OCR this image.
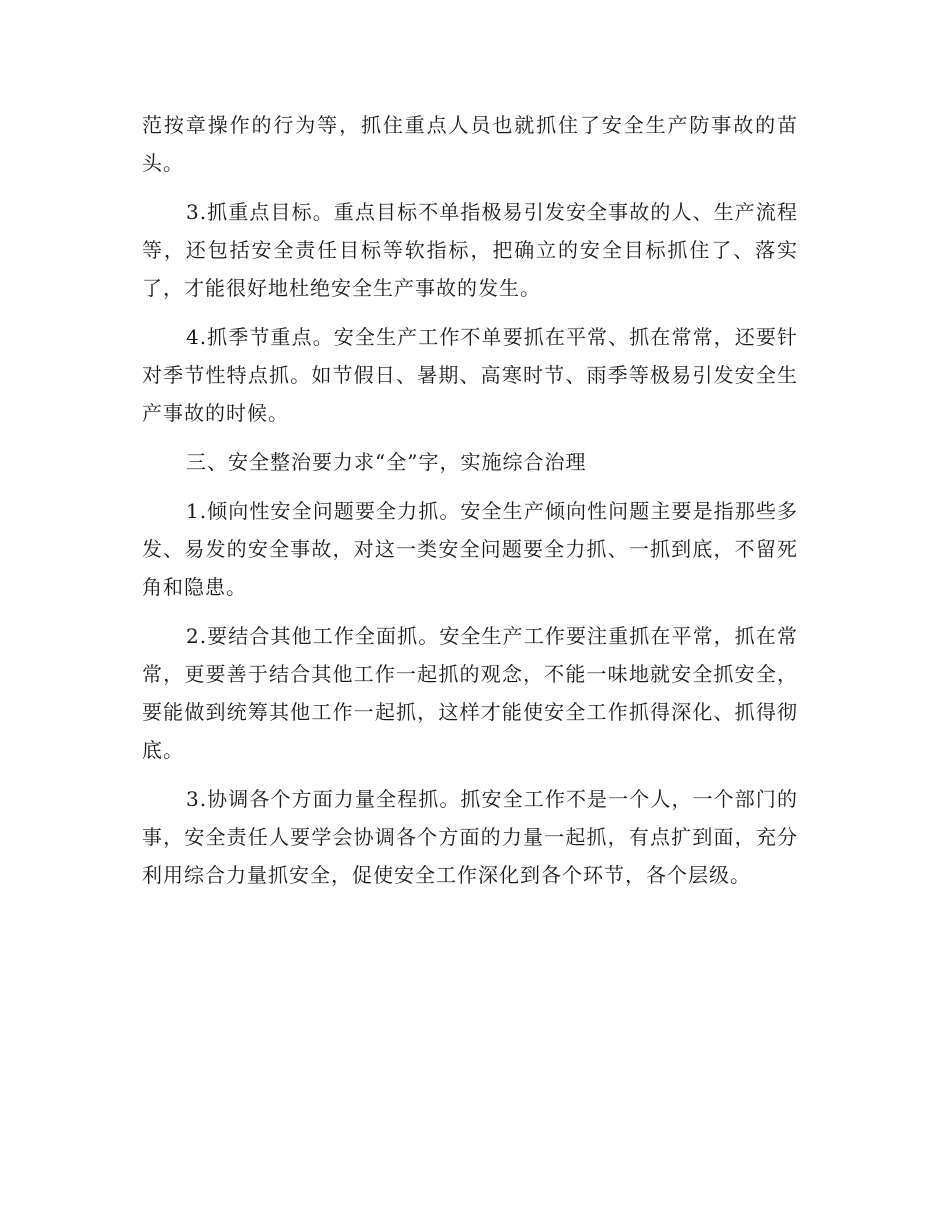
范按章操作的行为等，抓住重点人员也就抓住了安全生产防事故的苗头。

3.抓重点目标。重点目标不单指极易引发安全事故的人、生产流程等，还包括安全责任目标等软指标，把确立的安全目标抓住了、落实了，才能很好地杜绝安全生产事故的发生。

4.抓季节重点。安全生产工作不单要抓在平常、抓在常常，还要针对季节性特点抓。如节假日、暑期、高寒时节、雨季等极易引发安全生产事故的时候。

三、安全整治要力求“全”字，实施综合治理

1.倾向性安全问题要全力抓。安全生产倾向性问题主要是指那些多发、易发的安全事故，对这一类安全问题要全力抓、一抓到底，不留死角和隐患。

2.要结合其他工作全面抓。安全生产工作要注重抓在平常，抓在常常，更要善于结合其他工作一起抓的观念，不能一味地就安全抓安全，要能做到统筹其他工作一起抓，这样才能使安全工作抓得深化、抓得彻底。

3.协调各个方面力量全程抓。抓安全工作不是一个人，一个部门的事，安全责任人要学会协调各个方面的力量一起抓，有点扩到面，充分利用综合力量抓安全，促使安全工作深化到各个环节，各个层级。
